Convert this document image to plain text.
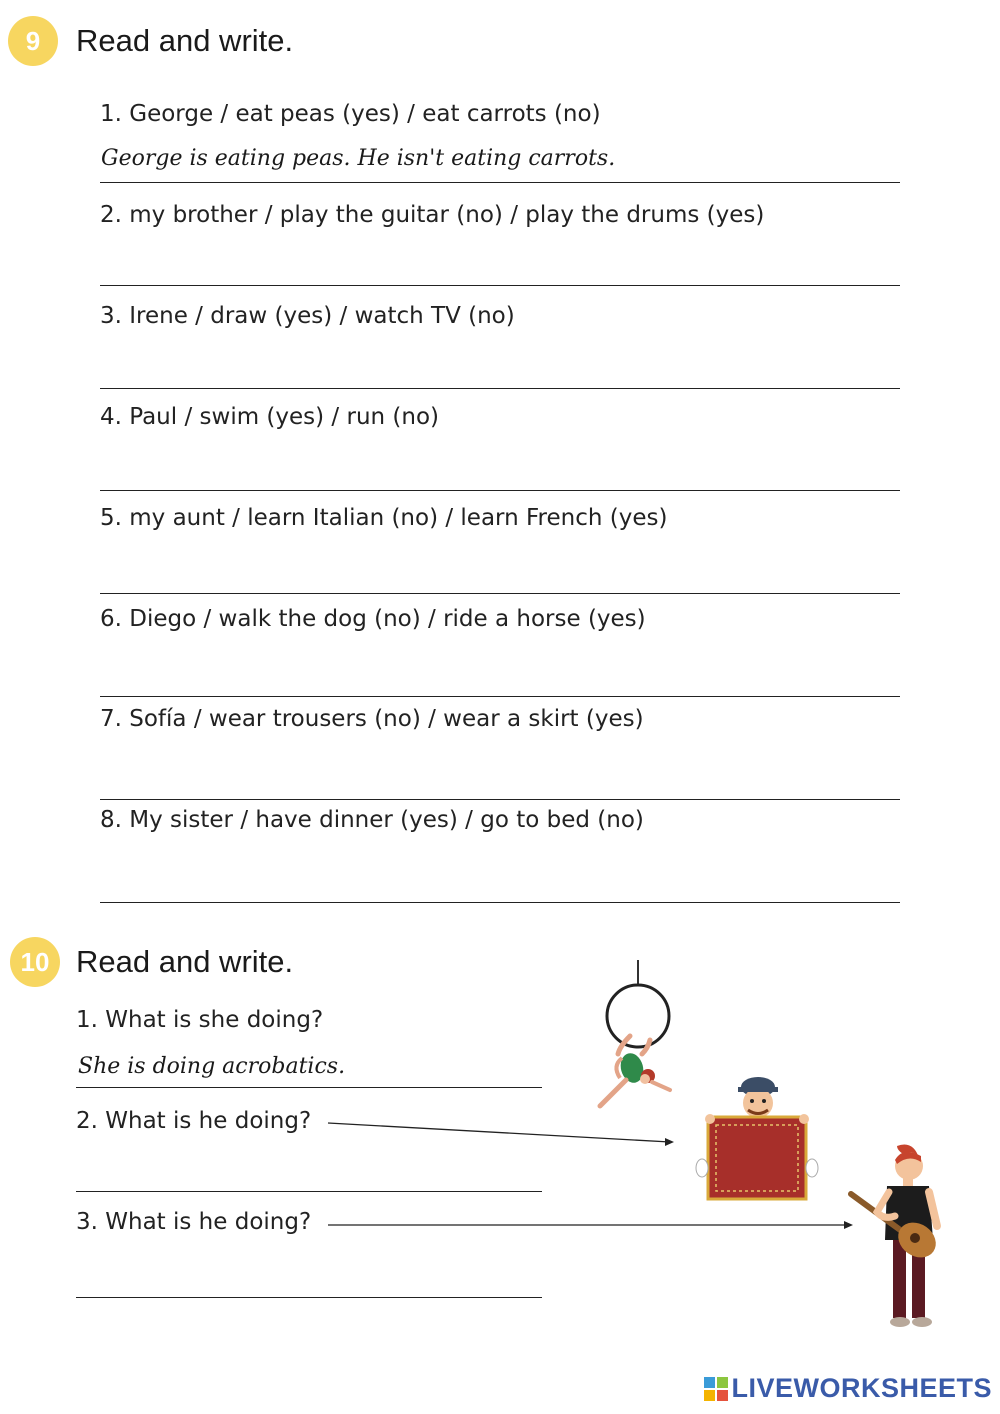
9	Read and write.
1. George / eat peas (yes) / eat carrots (no)
George is eating peas. He isn't eating carrots.
2. my brother / play the guitar (no) / play the drums (yes)
3. Irene / draw (yes) / watch TV (no)
4. Paul / swim (yes) / run (no)
5. my aunt / learn Italian (no) / learn French (yes)
6. Diego / walk the dog (no) / ride a horse (yes)
7. Sofía / wear trousers (no) / wear a skirt (yes)
8. My sister / have dinner (yes) / go to bed (no)
10 Read and write.
1. What is she doing?
She is doing acrobatics.
2. What is he doing?
3. What is he doing?
LIVEWORKSHEETS
